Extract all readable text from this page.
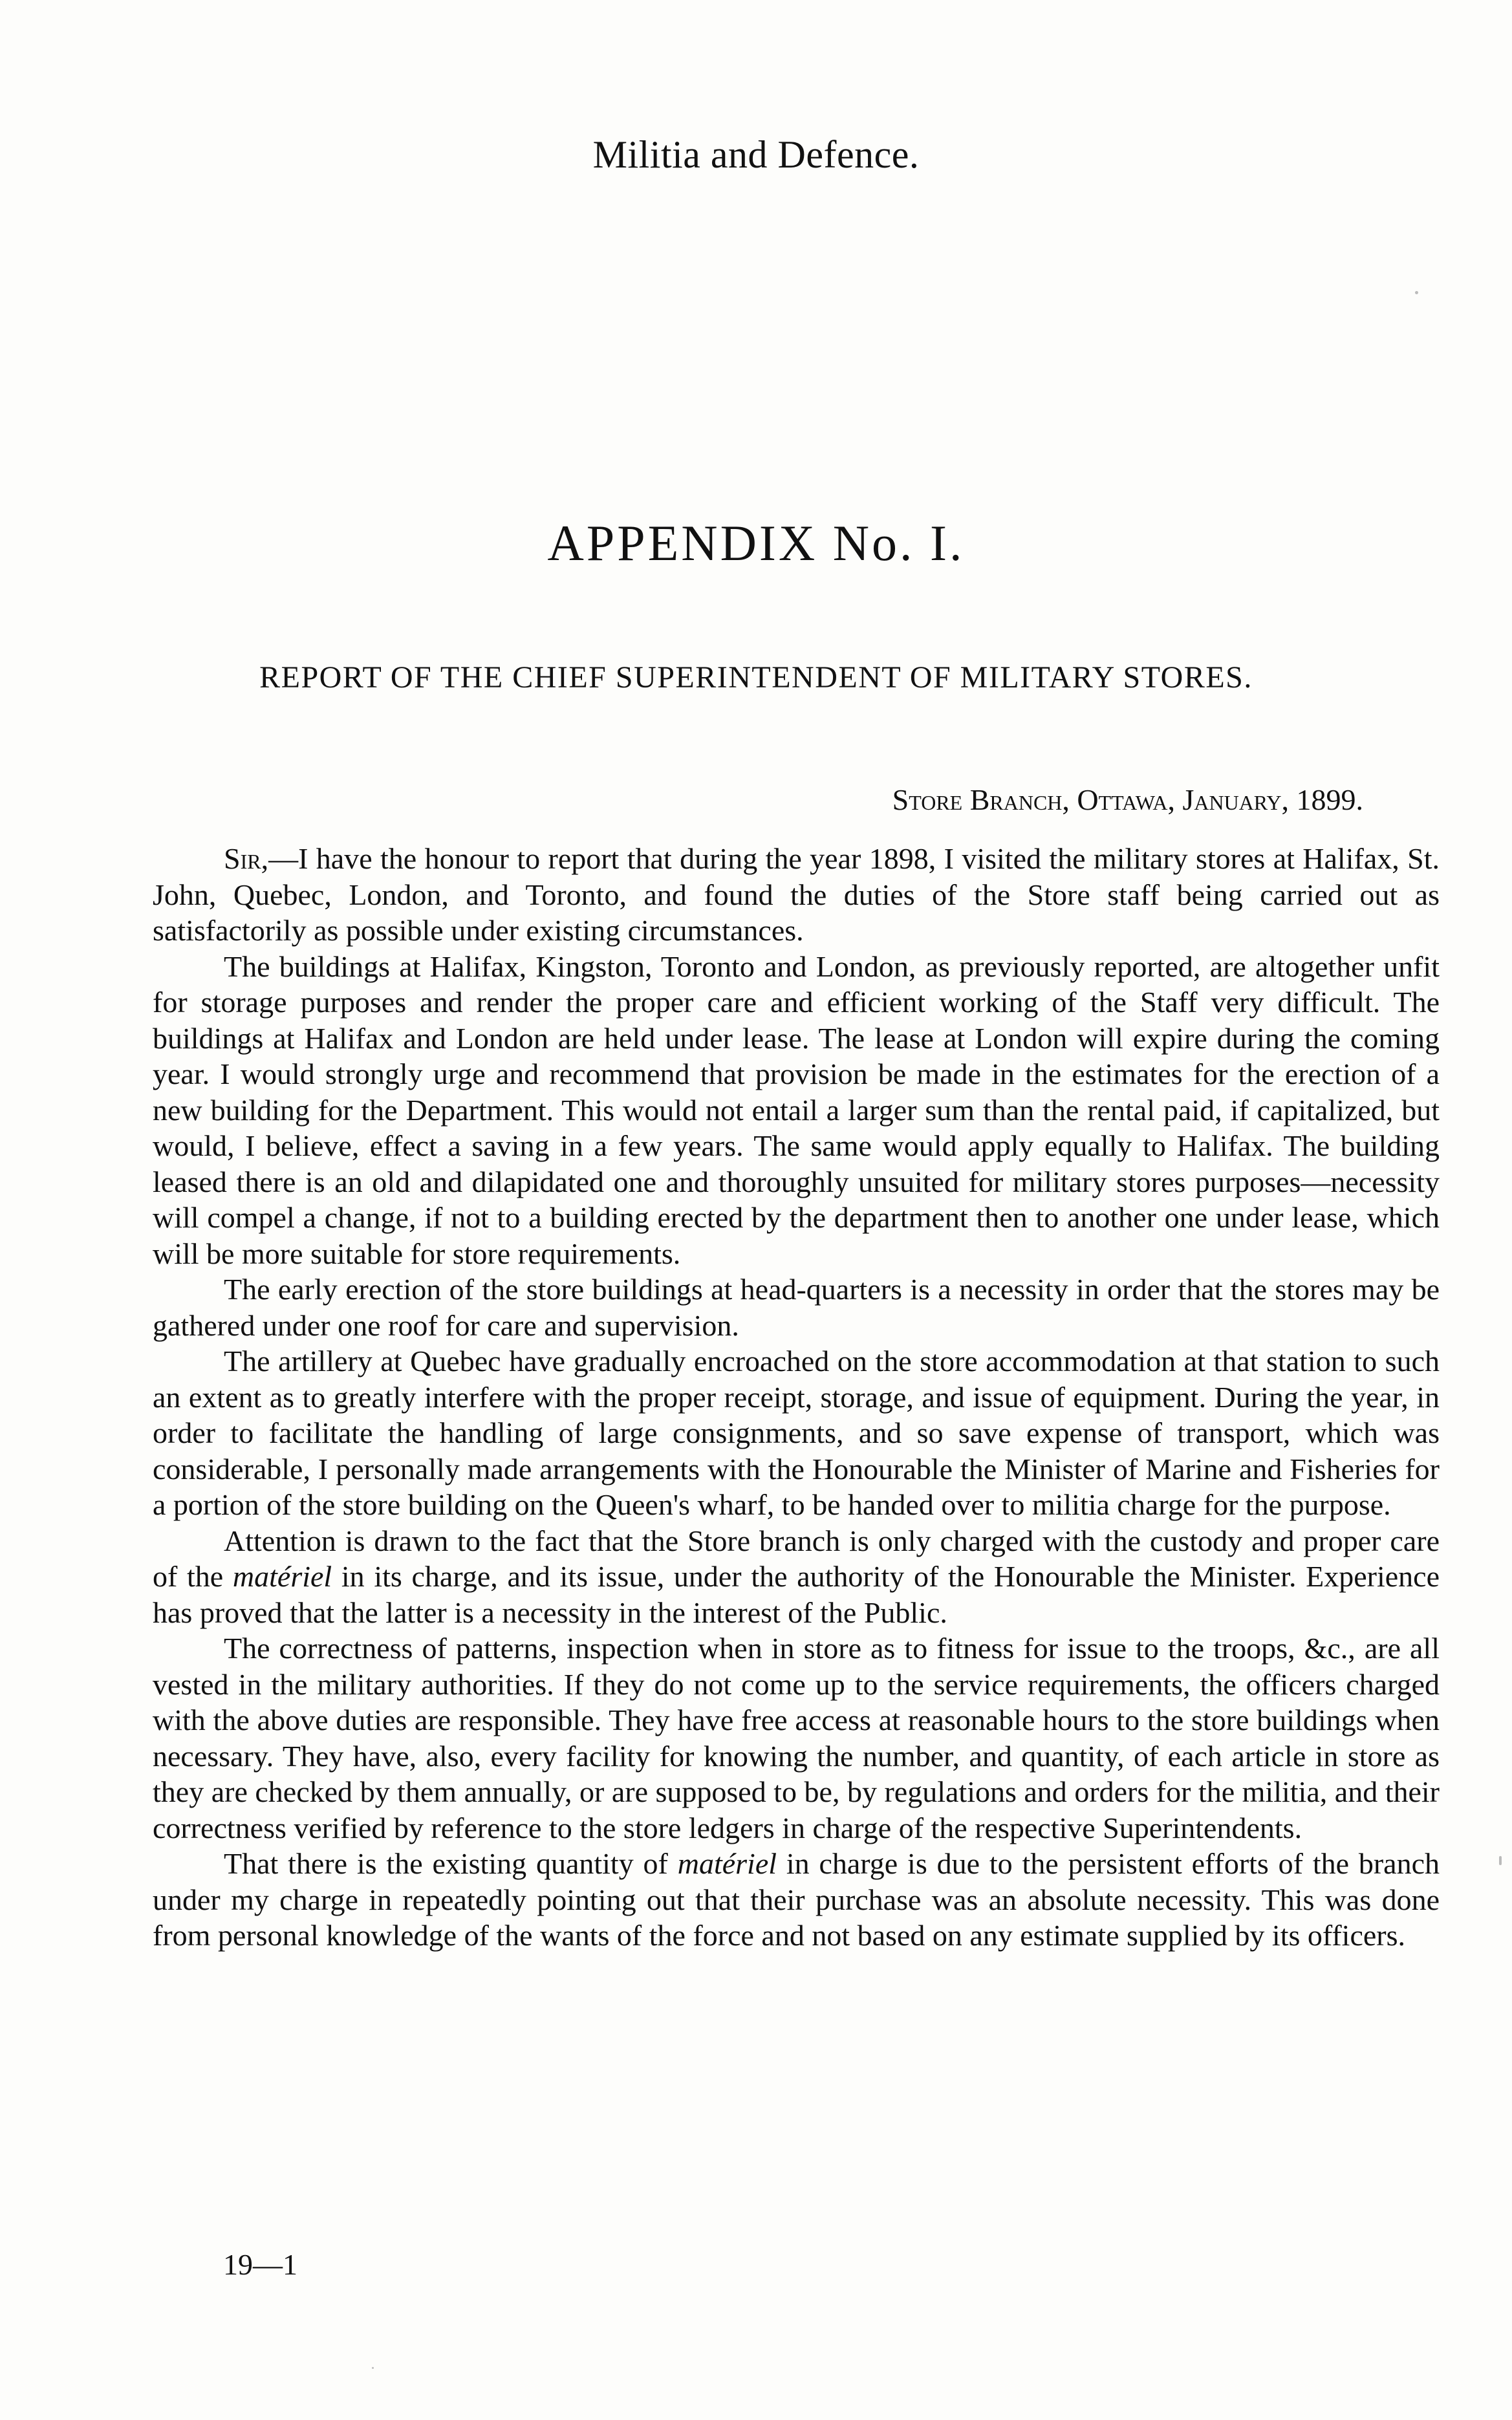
Militia and Defence.
APPENDIX No. I.
REPORT OF THE CHIEF SUPERINTENDENT OF MILITARY STORES.
Store Branch, Ottawa, January, 1899.

Sir,—I have the honour to report that during the year 1898, I visited the military stores at Halifax, St. John, Quebec, London, and Toronto, and found the duties of the Store staff being carried out as satisfactorily as possible under existing circumstances.

The buildings at Halifax, Kingston, Toronto and London, as previously reported, are altogether unfit for storage purposes and render the proper care and efficient working of the Staff very difficult. The buildings at Halifax and London are held under lease. The lease at London will expire during the coming year. I would strongly urge and recommend that provision be made in the estimates for the erection of a new building for the Department. This would not entail a larger sum than the rental paid, if capitalized, but would, I believe, effect a saving in a few years. The same would apply equally to Halifax. The building leased there is an old and dilapidated one and thoroughly unsuited for military stores purposes—necessity will compel a change, if not to a building erected by the department then to another one under lease, which will be more suitable for store requirements.

The early erection of the store buildings at head-quarters is a necessity in order that the stores may be gathered under one roof for care and supervision.

The artillery at Quebec have gradually encroached on the store accommodation at that station to such an extent as to greatly interfere with the proper receipt, storage, and issue of equipment. During the year, in order to facilitate the handling of large consignments, and so save expense of transport, which was considerable, I personally made arrangements with the Honourable the Minister of Marine and Fisheries for a portion of the store building on the Queen's wharf, to be handed over to militia charge for the purpose.

Attention is drawn to the fact that the Store branch is only charged with the custody and proper care of the matériel in its charge, and its issue, under the authority of the Honourable the Minister. Experience has proved that the latter is a necessity in the interest of the Public.

The correctness of patterns, inspection when in store as to fitness for issue to the troops, &c., are all vested in the military authorities. If they do not come up to the service requirements, the officers charged with the above duties are responsible. They have free access at reasonable hours to the store buildings when necessary. They have, also, every facility for knowing the number, and quantity, of each article in store as they are checked by them annually, or are supposed to be, by regulations and orders for the militia, and their correctness verified by reference to the store ledgers in charge of the respective Superintendents.

That there is the existing quantity of matériel in charge is due to the persistent efforts of the branch under my charge in repeatedly pointing out that their purchase was an absolute necessity. This was done from personal knowledge of the wants of the force and not based on any estimate supplied by its officers.

19—1
